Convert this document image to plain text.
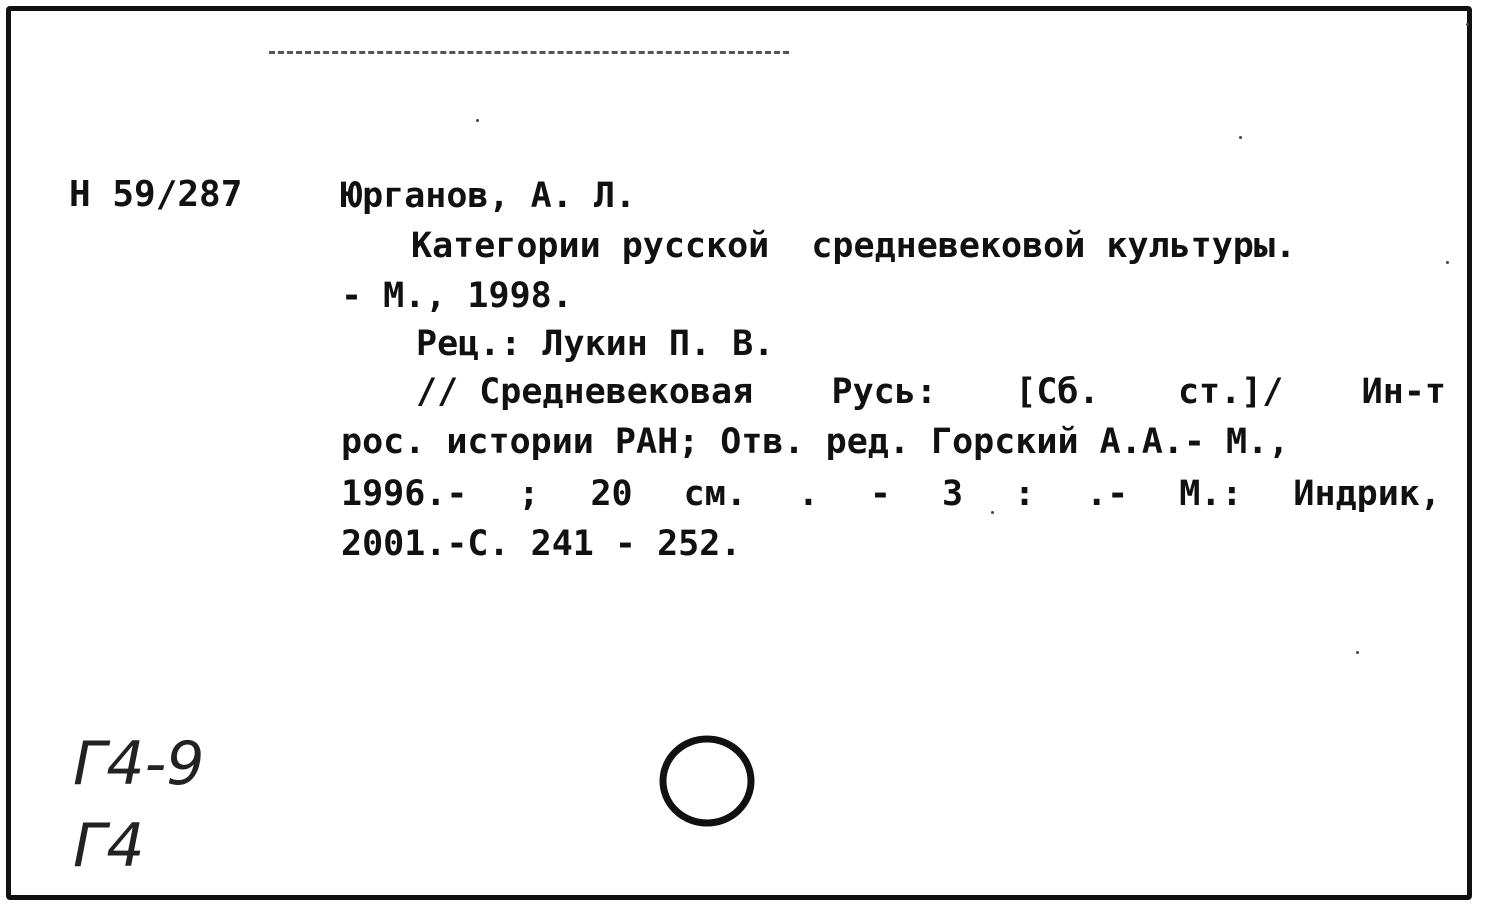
Н 59/287	Юрганов, А. Л.
Категории русской  средневековой культуры.
- М., 1998.
Рец.: Лукин П. В.
// Средневековая Русь: [Сб. ст.]/ Ин-т
рос. истории РАН; Отв. ред. Горский А.А.- М.,
1996.- ; 20 см. . - 3 : .- М.: Индрик,
2001.-С. 241 - 252.
Г4-9
Г4
